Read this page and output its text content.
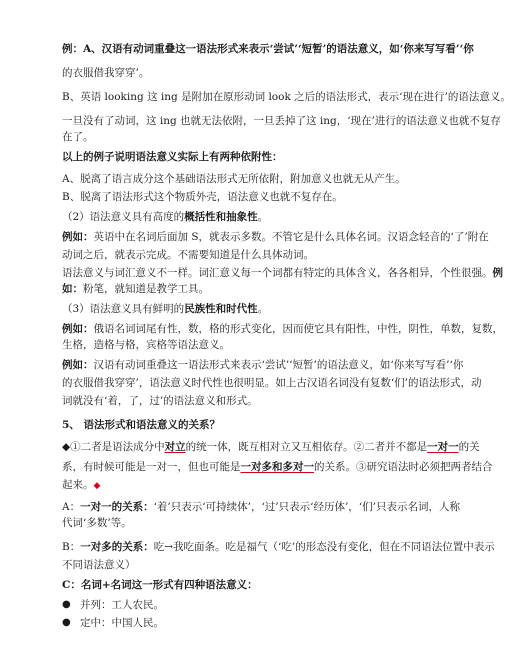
例：A、汉语有动词重叠这一语法形式来表示‘尝试’‘短暂’的语法意义，如‘你来写写看’‘你
的衣服借我穿穿’。
B、英语 looking 这 ing 是附加在原形动词 look 之后的语法形式，表示‘现在进行’的语法意义。
一旦没有了动词，这 ing 也就无法依附，一旦丢掉了这 ing，‘现在’进行的语法意义也就不复存
在了。
以上的例子说明语法意义实际上有两种依附性：
A、脱离了语言成分这个基础语法形式无所依附，附加意义也就无从产生。
B、脱离了语法形式这个物质外壳，语法意义也就不复存在。
（2）语法意义具有高度的概括性和抽象性。
例如：英语中在名词后面加 S，就表示多数。不管它是什么具体名词。汉语念轻音的‘了’附在
动词之后，就表示完成。不需要知道是什么具体动词。
语法意义与词汇意义不一样。词汇意义每一个词都有特定的具体含义，各各相异，个性很强。例
如：粉笔，就知道是教学工具。
（3）语法意义具有鲜明的民族性和时代性。
例如：俄语名词词尾有性，数，格的形式变化，因而使它具有阳性，中性，阴性，单数，复数，
生格，造格与格，宾格等语法意义。
例如：汉语有动词重叠这一语法形式来表示‘尝试’‘短暂’的语法意义，如‘你来写写看’‘你
的衣服借我穿穿’，语法意义时代性也很明显。如上古汉语名词没有复数‘们’的语法形式，动
词就没有‘着，了，过’的语法意义和形式。
5、 语法形式和语法意义的关系？
◆①二者是语法成分中对立的统一体，既互相对立又互相依存。②二者并不都是一对一的关
系，有时候可能是一对一，但也可能是一对多和多对一的关系。③研究语法时必须把两者结合
起来。◆
A：一对一的关系：‘着’只表示‘可持续体’，‘过’只表示‘经历体’，‘们’只表示名词，人称
代词‘多数’等。
B：一对多的关系：吃→我吃面条。吃是福气（‘吃’的形态没有变化，但在不同语法位置中表示
不同语法意义）
C：名词+名词这一形式有四种语法意义：
● 并列：工人农民。
● 定中：中国人民。
